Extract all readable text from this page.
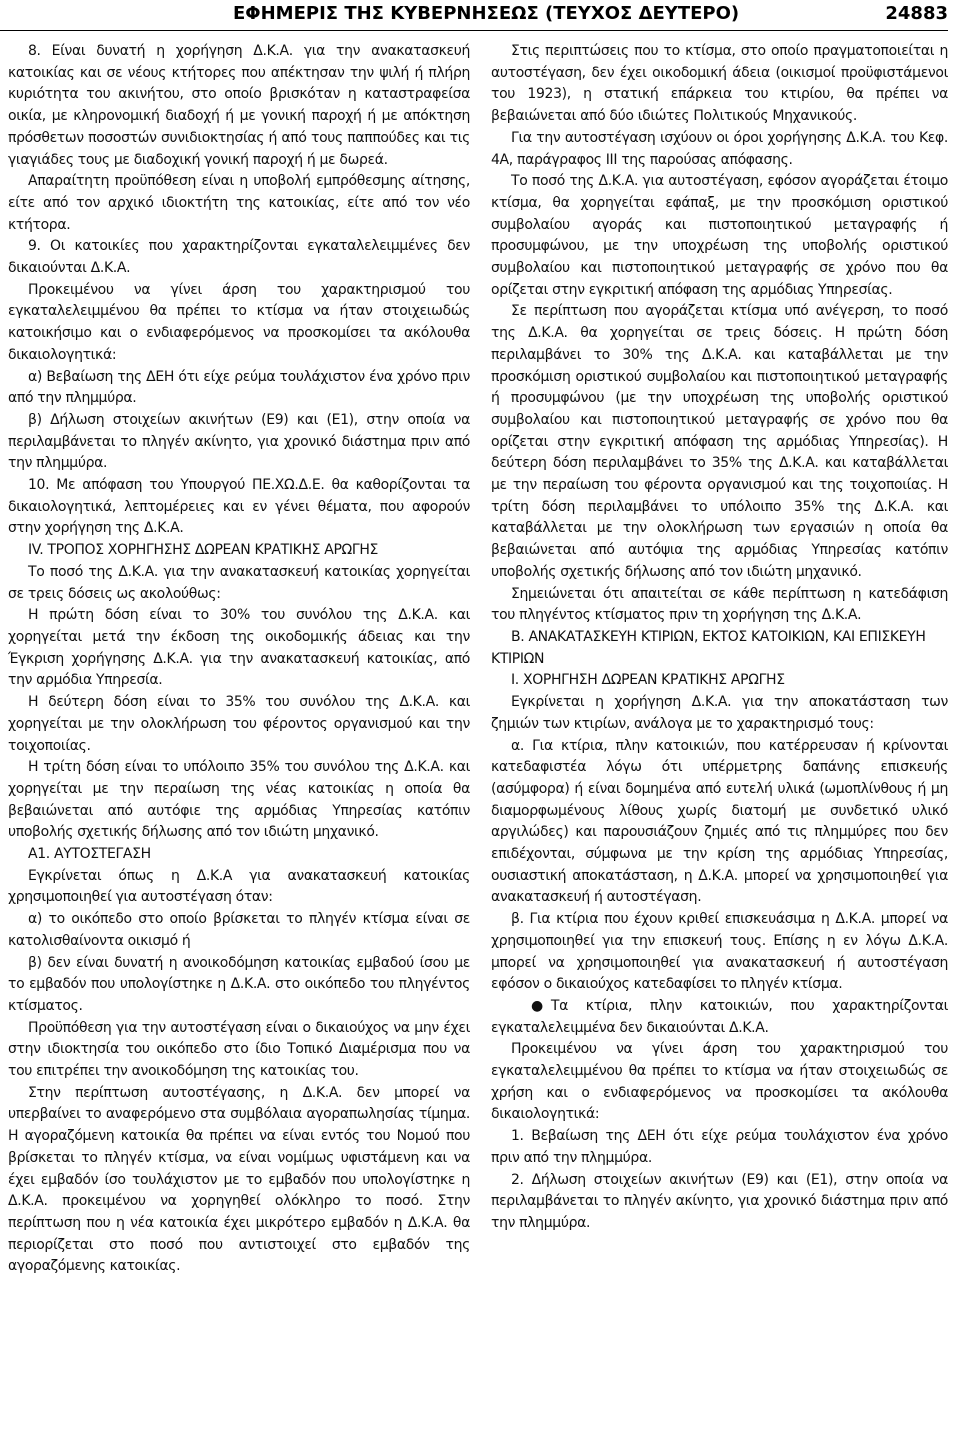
ΕΦΗΜΕΡΙΣ ΤΗΣ ΚΥΒΕΡΝΗΣΕΩΣ (ΤΕΥΧΟΣ ΔΕΥΤΕΡΟ)	24883

8. Είναι δυνατή η χορήγηση Δ.Κ.Α. για την ανακατασκευή κατοικίας και σε νέους κτήτορες που απέκτησαν την ψιλή ή πλήρη κυριότητα του ακινήτου, στο οποίο βρισκόταν η καταστραφείσα οικία, με κληρονομική διαδοχή ή με γονική παροχή ή με απόκτηση πρόσθετων ποσοστών συνιδιοκτησίας ή από τους παππούδες και τις γιαγιάδες τους με διαδοχική γονική παροχή ή με δωρεά.

Απαραίτητη προϋπόθεση είναι η υποβολή εμπρόθεσμης αίτησης, είτε από τον αρχικό ιδιοκτήτη της κατοικίας, είτε από τον νέο κτήτορα.

9. Οι κατοικίες που χαρακτηρίζονται εγκαταλελειμμένες δεν δικαιούνται Δ.Κ.Α.

Προκειμένου να γίνει άρση του χαρακτηρισμού του εγκαταλελειμμένου θα πρέπει το κτίσμα να ήταν στοιχειωδώς κατοικήσιμο και ο ενδιαφερόμενος να προσκομίσει τα ακόλουθα δικαιολογητικά:

α) Βεβαίωση της ΔΕΗ ότι είχε ρεύμα τουλάχιστον ένα χρόνο πριν από την πλημμύρα.

β) Δήλωση στοιχείων ακινήτων (Ε9) και (Ε1), στην οποία να περιλαμβάνεται το πληγέν ακίνητο, για χρονικό διάστημα πριν από την πλημμύρα.

10. Με απόφαση του Υπουργού ΠΕ.ΧΩ.Δ.Ε. θα καθορίζονται τα δικαιολογητικά, λεπτομέρειες και εν γένει θέματα, που αφορούν στην χορήγηση της Δ.Κ.Α.

IV. ΤΡΟΠΟΣ ΧΟΡΗΓΗΣΗΣ ΔΩΡΕΑΝ ΚΡΑΤΙΚΗΣ ΑΡΩΓΗΣ

Το ποσό της Δ.Κ.Α. για την ανακατασκευή κατοικίας χορηγείται σε τρεις δόσεις ως ακολούθως:

Η πρώτη δόση είναι το 30% του συνόλου της Δ.Κ.Α. και χορηγείται μετά την έκδοση της οικοδομικής άδειας και την Έγκριση χορήγησης Δ.Κ.Α. για την ανακατασκευή κατοικίας, από την αρμόδια Υπηρεσία.

Η δεύτερη δόση είναι το 35% του συνόλου της Δ.Κ.Α. και χορηγείται με την ολοκλήρωση του φέροντος οργανισμού και την τοιχοποιίας.

Η τρίτη δόση είναι το υπόλοιπο 35% του συνόλου της Δ.Κ.Α. και χορηγείται με την περαίωση της νέας κατοικίας η οποία θα βεβαιώνεται από αυτόφιε της αρμόδιας Υπηρεσίας κατόπιν υποβολής σχετικής δήλωσης από τον ιδιώτη μηχανικό.

Α1. ΑΥΤΟΣΤΕΓΑΣΗ

Εγκρίνεται όπως η Δ.Κ.Α για ανακατασκευή κατοικίας χρησιμοποιηθεί για αυτοστέγαση όταν:

α) το οικόπεδο στο οποίο βρίσκεται το πληγέν κτίσμα είναι σε κατολισθαίνοντα οικισμό ή

β) δεν είναι δυνατή η ανοικοδόμηση κατοικίας εμβαδού ίσου με το εμβαδόν που υπολογίστηκε η Δ.Κ.Α. στο οικόπεδο του πληγέντος κτίσματος.

Προϋπόθεση για την αυτοστέγαση είναι ο δικαιούχος να μην έχει στην ιδιοκτησία του οικόπεδο στο ίδιο Τοπικό Διαμέρισμα που να του επιτρέπει την ανοικοδόμηση της κατοικίας του.

Στην περίπτωση αυτοστέγασης, η Δ.Κ.Α. δεν μπορεί να υπερβαίνει το αναφερόμενο στα συμβόλαια αγοραπωλησίας τίμημα. Η αγοραζόμενη κατοικία θα πρέπει να είναι εντός του Νομού που βρίσκεται το πληγέν κτίσμα, να είναι νομίμως υφιστάμενη και να έχει εμβαδόν ίσο τουλάχιστον με το εμβαδόν που υπολογίστηκε η Δ.Κ.Α. προκειμένου να χορηγηθεί ολόκληρο το ποσό. Στην περίπτωση που η νέα κατοικία έχει μικρότερο εμβαδόν η Δ.Κ.Α. θα περιορίζεται στο ποσό που αντιστοιχεί στο εμβαδόν της αγοραζόμενης κατοικίας.

Στις περιπτώσεις που το κτίσμα, στο οποίο πραγματοποιείται η αυτοστέγαση, δεν έχει οικοδομική άδεια (οικισμοί προϋφιστάμενοι του 1923), η στατική επάρκεια του κτιρίου, θα πρέπει να βεβαιώνεται από δύο ιδιώτες Πολιτικούς Μηχανικούς.

Για την αυτοστέγαση ισχύουν οι όροι χορήγησης Δ.Κ.Α. του Κεφ. 4Α, παράγραφος ΙΙΙ της παρούσας απόφασης.

Το ποσό της Δ.Κ.Α. για αυτοστέγαση, εφόσον αγοράζεται έτοιμο κτίσμα, θα χορηγείται εφάπαξ, με την προσκόμιση οριστικού συμβολαίου αγοράς και πιστοποιητικού μεταγραφής ή προσυμφώνου, με την υποχρέωση της υποβολής οριστικού συμβολαίου και πιστοποιητικού μεταγραφής σε χρόνο που θα ορίζεται στην εγκριτική απόφαση της αρμόδιας Υπηρεσίας.

Σε περίπτωση που αγοράζεται κτίσμα υπό ανέγερση, το ποσό της Δ.Κ.Α. θα χορηγείται σε τρεις δόσεις. Η πρώτη δόση περιλαμβάνει το 30% της Δ.Κ.Α. και καταβάλλεται με την προσκόμιση οριστικού συμβολαίου και πιστοποιητικού μεταγραφής ή προσυμφώνου (με την υποχρέωση της υποβολής οριστικού συμβολαίου και πιστοποιητικού μεταγραφής σε χρόνο που θα ορίζεται στην εγκριτική απόφαση της αρμόδιας Υπηρεσίας). Η δεύτερη δόση περιλαμβάνει το 35% της Δ.Κ.Α. και καταβάλλεται με την περαίωση του φέροντα οργανισμού και της τοιχοποιίας. Η τρίτη δόση περιλαμβάνει το υπόλοιπο 35% της Δ.Κ.Α. και καταβάλλεται με την ολοκλήρωση των εργασιών η οποία θα βεβαιώνεται από αυτόψια της αρμόδιας Υπηρεσίας κατόπιν υποβολής σχετικής δήλωσης από τον ιδιώτη μηχανικό.

Σημειώνεται ότι απαιτείται σε κάθε περίπτωση η κατεδάφιση του πληγέντος κτίσματος πριν τη χορήγηση της Δ.Κ.Α.

Β. ΑΝΑΚΑΤΑΣΚΕΥΗ ΚΤΙΡΙΩΝ, ΕΚΤΟΣ ΚΑΤΟΙΚΙΩΝ, ΚΑΙ ΕΠΙΣΚΕΥΗ ΚΤΙΡΙΩΝ

Ι. ΧΟΡΗΓΗΣΗ ΔΩΡΕΑΝ ΚΡΑΤΙΚΗΣ ΑΡΩΓΗΣ

Εγκρίνεται η χορήγηση Δ.Κ.Α. για την αποκατάσταση των ζημιών των κτιρίων, ανάλογα με το χαρακτηρισμό τους:

α. Για κτίρια, πλην κατοικιών, που κατέρρευσαν ή κρίνονται κατεδαφιστέα λόγω ότι υπέρμετρης δαπάνης επισκευής (ασύμφορα) ή είναι δομημένα από ευτελή υλικά (ωμοπλίνθους ή μη διαμορφωμένους λίθους χωρίς διατομή με συνδετικό υλικό αργιλώδες) και παρουσιάζουν ζημιές από τις πλημμύρες που δεν επιδέχονται, σύμφωνα με την κρίση της αρμόδιας Υπηρεσίας, ουσιαστική αποκατάσταση, η Δ.Κ.Α. μπορεί να χρησιμοποιηθεί για ανακατασκευή ή αυτοστέγαση.

β. Για κτίρια που έχουν κριθεί επισκευάσιμα η Δ.Κ.Α. μπορεί να χρησιμοποιηθεί για την επισκευή τους. Επίσης η εν λόγω Δ.Κ.Α. μπορεί να χρησιμοποιηθεί για ανακατασκευή ή αυτοστέγαση εφόσον ο δικαιούχος κατεδαφίσει το πληγέν κτίσμα.

● Τα κτίρια, πλην κατοικιών, που χαρακτηρίζονται εγκαταλελειμμένα δεν δικαιούνται Δ.Κ.Α.

Προκειμένου να γίνει άρση του χαρακτηρισμού του εγκαταλελειμμένου θα πρέπει το κτίσμα να ήταν στοιχειωδώς σε χρήση και ο ενδιαφερόμενος να προσκομίσει τα ακόλουθα δικαιολογητικά:

1. Βεβαίωση της ΔΕΗ ότι είχε ρεύμα τουλάχιστον ένα χρόνο πριν από την πλημμύρα.

2. Δήλωση στοιχείων ακινήτων (Ε9) και (Ε1), στην οποία να περιλαμβάνεται το πληγέν ακίνητο, για χρονικό διάστημα πριν από την πλημμύρα.
